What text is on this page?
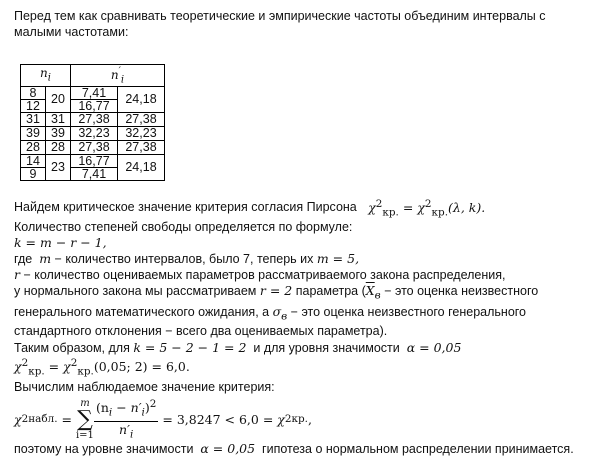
Перед тем как сравнивать теоретические и эмпирические частоты объединим интервалы с малыми частотами:

$n_i$		$n'_i$
8	20	7,41	24,18
12		16,77	
31	31	27,38	27,38
39	39	32,23	32,23
28	28	27,38	27,38
14	23	16,77	24,18
9		7,41	

Найдем критическое значение критерия согласия Пирсона $\chi^2_{кр.} = \chi^2_{кр.}(\lambda$, k).

Количество степеней свободы определяется по формуле:

k = m − r − 1,

где m − количество интервалов, было 7, теперь их m = 5,

r − количество оцениваемых параметров рассматриваемого закона распределения,

у нормального закона мы рассматриваем r = 2 параметра ($\overline{X}_в$ − это оценка неизвестного

генерального математического ожидания, а $\sigma_в$ − это оценка неизвестного генерального

стандартного отклонения − всего два оцениваемых параметра).

Таким образом, для k = 5 − 2 − 1 = 2 и для уровня значимости α = 0,05

$\chi^2_{кр.} = \chi^2_{кр.}(0,05$; 2) = 6,0.

Вычислим наблюдаемое значение критерия:

χ 2 набл.
=

m
∑
$i=1 \frac{(n_i - n'_i)^2}{n'_i}$
= 3,8247 < 6,0 =
χ 2 кр. ,

поэтому на уровне значимости α = 0,05 гипотеза о нормальном распределении принимается.
